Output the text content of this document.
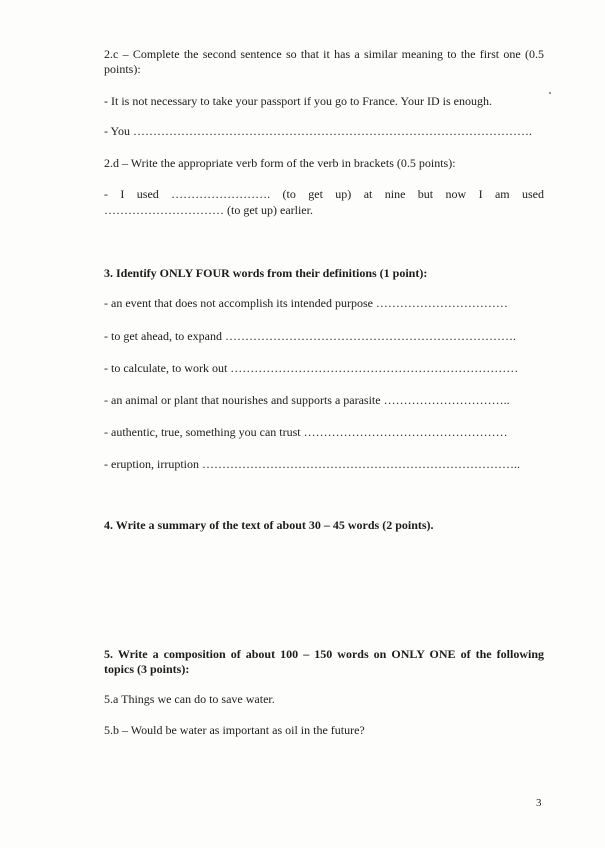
2.c – Complete the second sentence so that it has a similar meaning to the first one (0.5 points):
- It is not necessary to take your passport if you go to France. Your ID is enough.
- You ……………………………………………………………………………………….
2.d – Write the appropriate verb form of the verb in brackets (0.5 points):
- I used ……………………. (to get up) at nine but now I am used
………………………… (to get up) earlier.
3. Identify ONLY FOUR words from their definitions (1 point):
- an event that does not accomplish its intended purpose ……………………………
- to get ahead, to expand ……………………………………………………………….
- to calculate, to work out ………………………………………………………………
- an animal or plant that nourishes and supports a parasite …………………………..
- authentic, true, something you can trust ……………………………………………
- eruption, irruption ……………………………………………………………………..
4. Write a summary of the text of about 30 – 45 words (2 points).
5. Write a composition of about 100 – 150 words on ONLY ONE of the following topics (3 points):
5.a Things we can do to save water.
5.b – Would be water as important as oil in the future?
3
